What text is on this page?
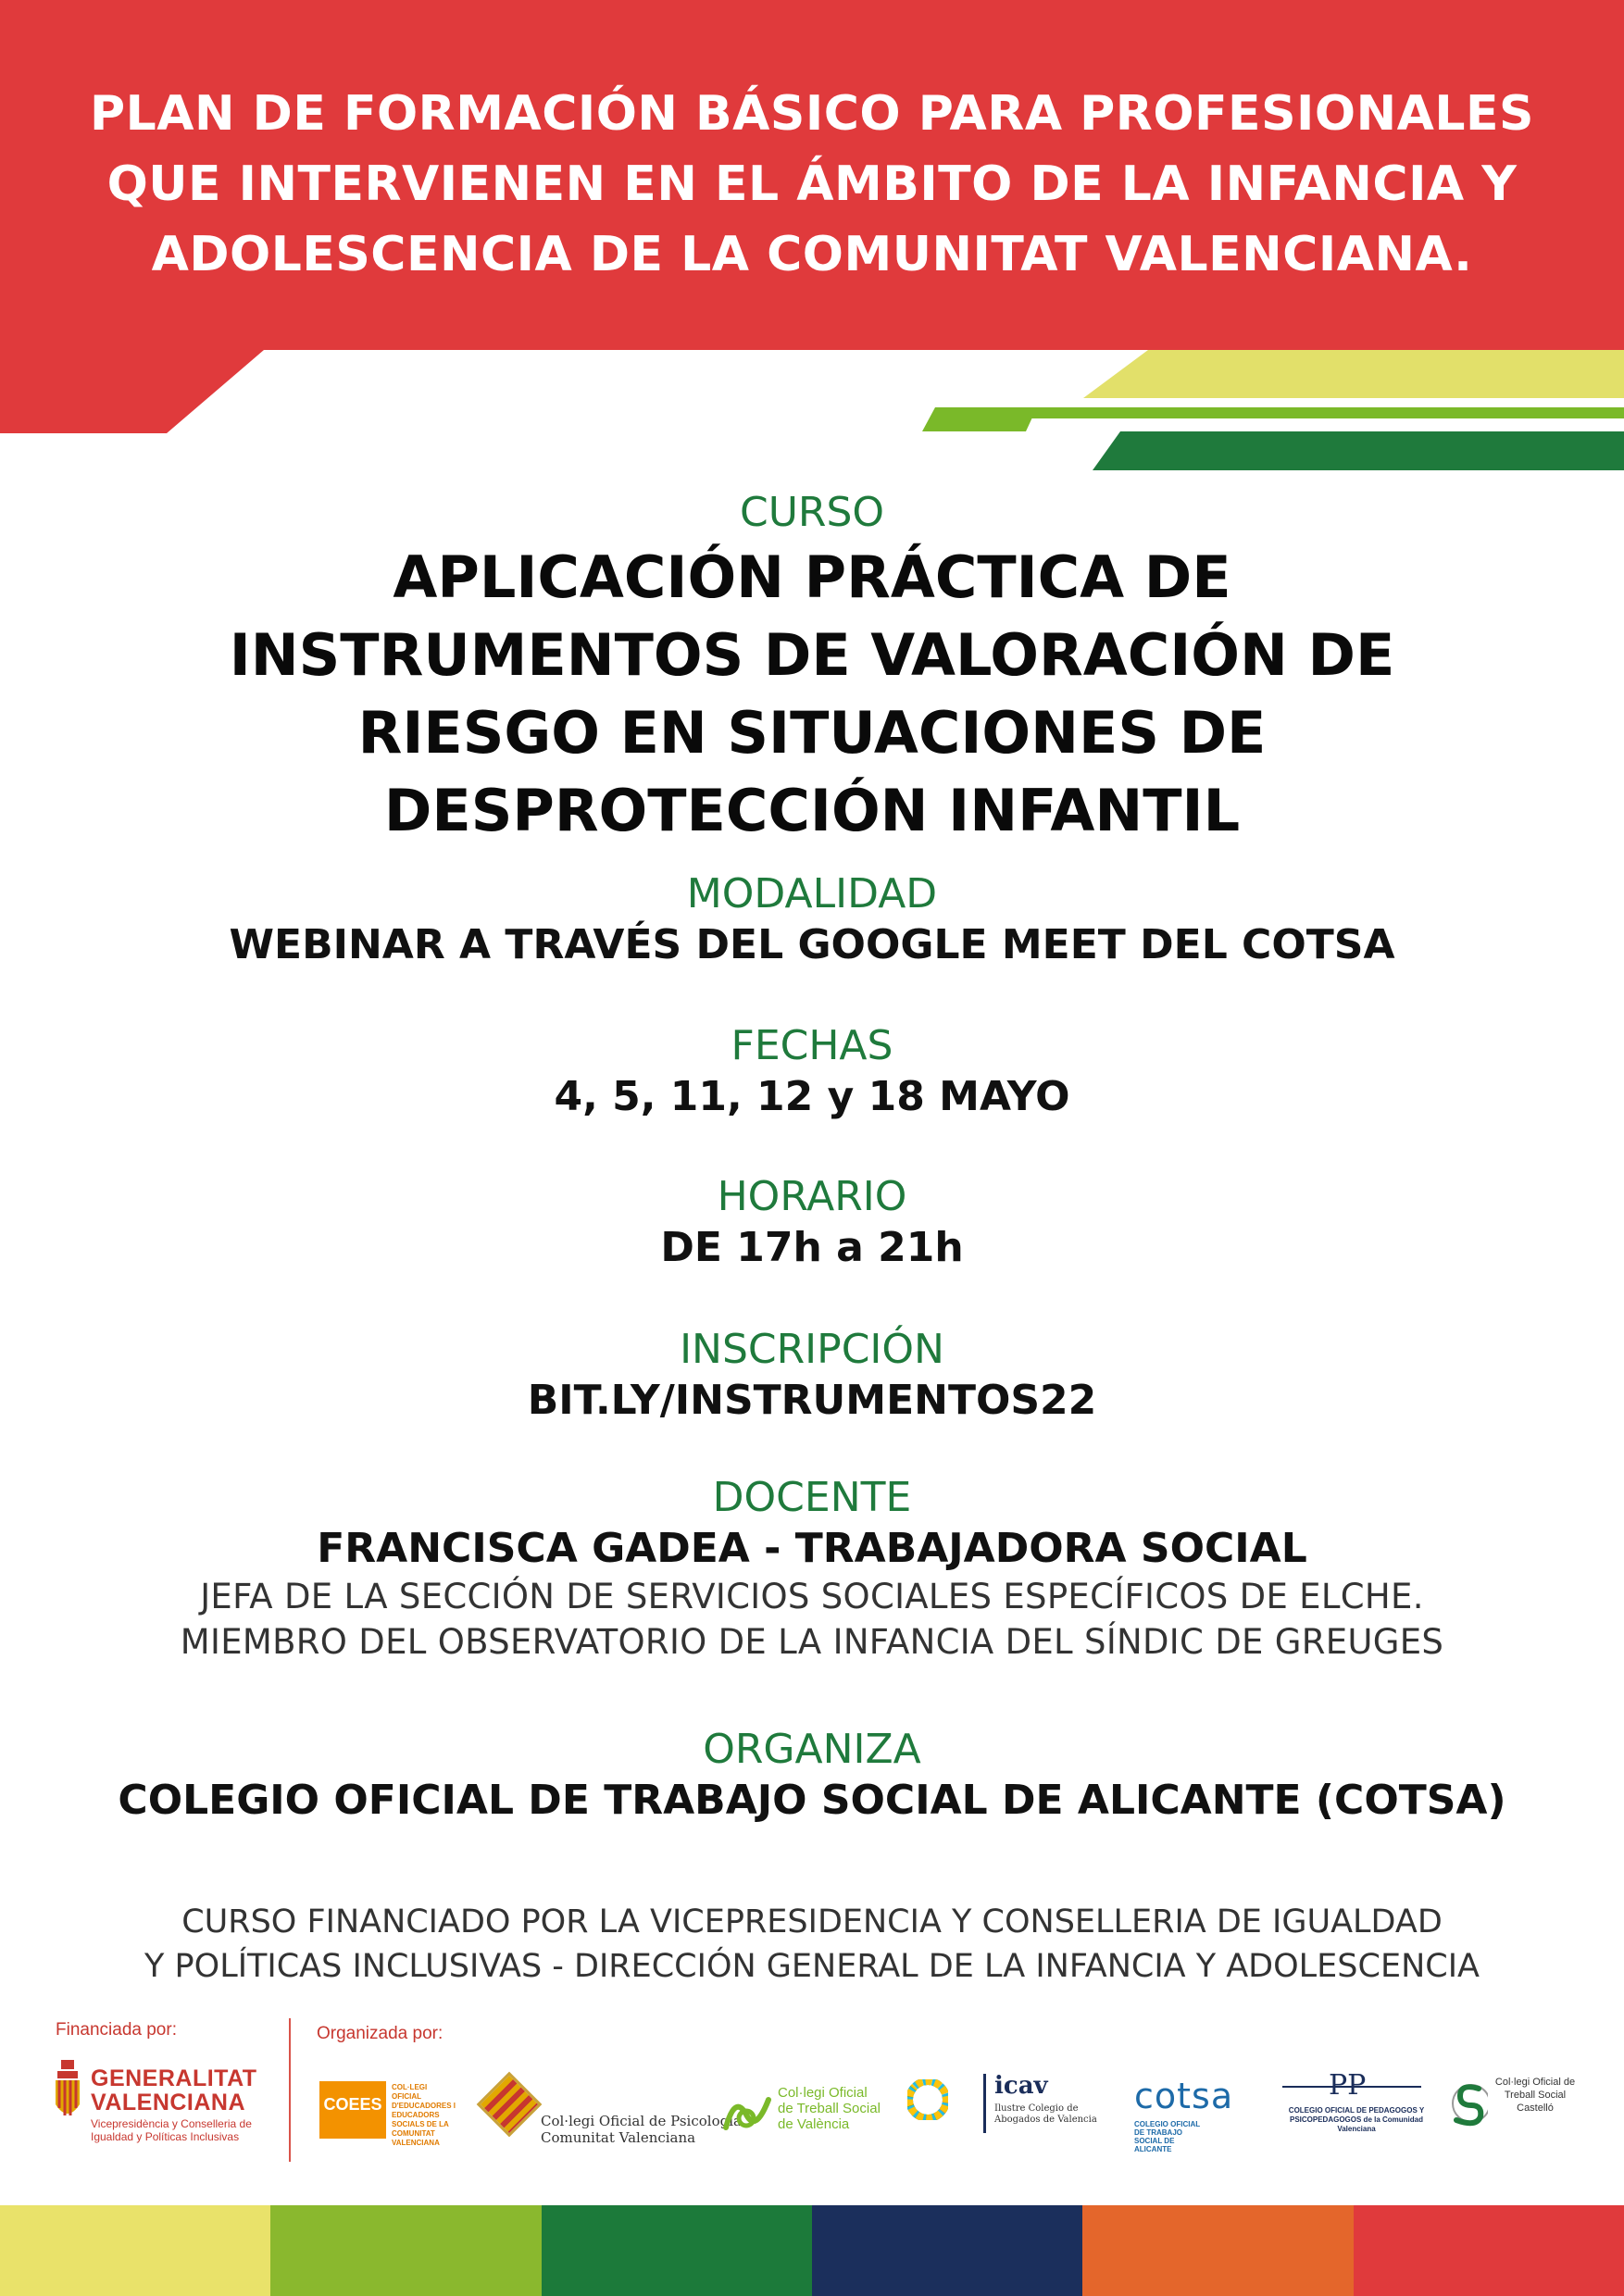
PLAN DE FORMACIÓN BÁSICO PARA PROFESIONALES
QUE INTERVIENEN EN EL ÁMBITO DE LA INFANCIA Y
ADOLESCENCIA DE LA COMUNITAT VALENCIANA.

CURSO

APLICACIÓN PRÁCTICA DE
INSTRUMENTOS DE VALORACIÓN DE
RIESGO EN SITUACIONES DE
DESPROTECCIÓN INFANTIL

MODALIDAD

WEBINAR A TRAVÉS DEL GOOGLE MEET DEL COTSA

FECHAS

4, 5, 11, 12 y 18 MAYO

HORARIO

DE 17h a 21h

INSCRIPCIÓN

BIT.LY/INSTRUMENTOS22

DOCENTE

FRANCISCA GADEA - TRABAJADORA SOCIAL

JEFA DE LA SECCIÓN DE SERVICIOS SOCIALES ESPECÍFICOS DE ELCHE.

MIEMBRO DEL OBSERVATORIO DE LA INFANCIA DEL SÍNDIC DE GREUGES

ORGANIZA

COLEGIO OFICIAL DE TRABAJO SOCIAL DE ALICANTE (COTSA)

CURSO FINANCIADO POR LA VICEPRESIDENCIA Y CONSELLERIA DE IGUALDAD

Y POLÍTICAS INCLUSIVAS - DIRECCIÓN GENERAL DE LA INFANCIA Y ADOLESCENCIA

Financiada por:	Organizada por:
GENERALITAT
VALENCIANA
Vicepresidència y Conselleria de Igualdad y Políticas Inclusivas
COEES
COL·LEGI OFICIAL D'EDUCADORES I EDUCADORS SOCIALS DE LA COMUNITAT VALENCIANA
Col·legi Oficial de Psicologia
Comunitat Valenciana
Col·legi Oficial
de Treball Social
de València
icav
Ilustre Colegio de Abogados de Valencia
cotsa
COLEGIO OFICIAL DE TRABAJO SOCIAL DE ALICANTE
PP
COLEGIO OFICIAL DE PEDAGOGOS Y PSICOPEDAGOGOS de la Comunidad Valenciana
Col·legi Oficial de Treball Social Castelló
